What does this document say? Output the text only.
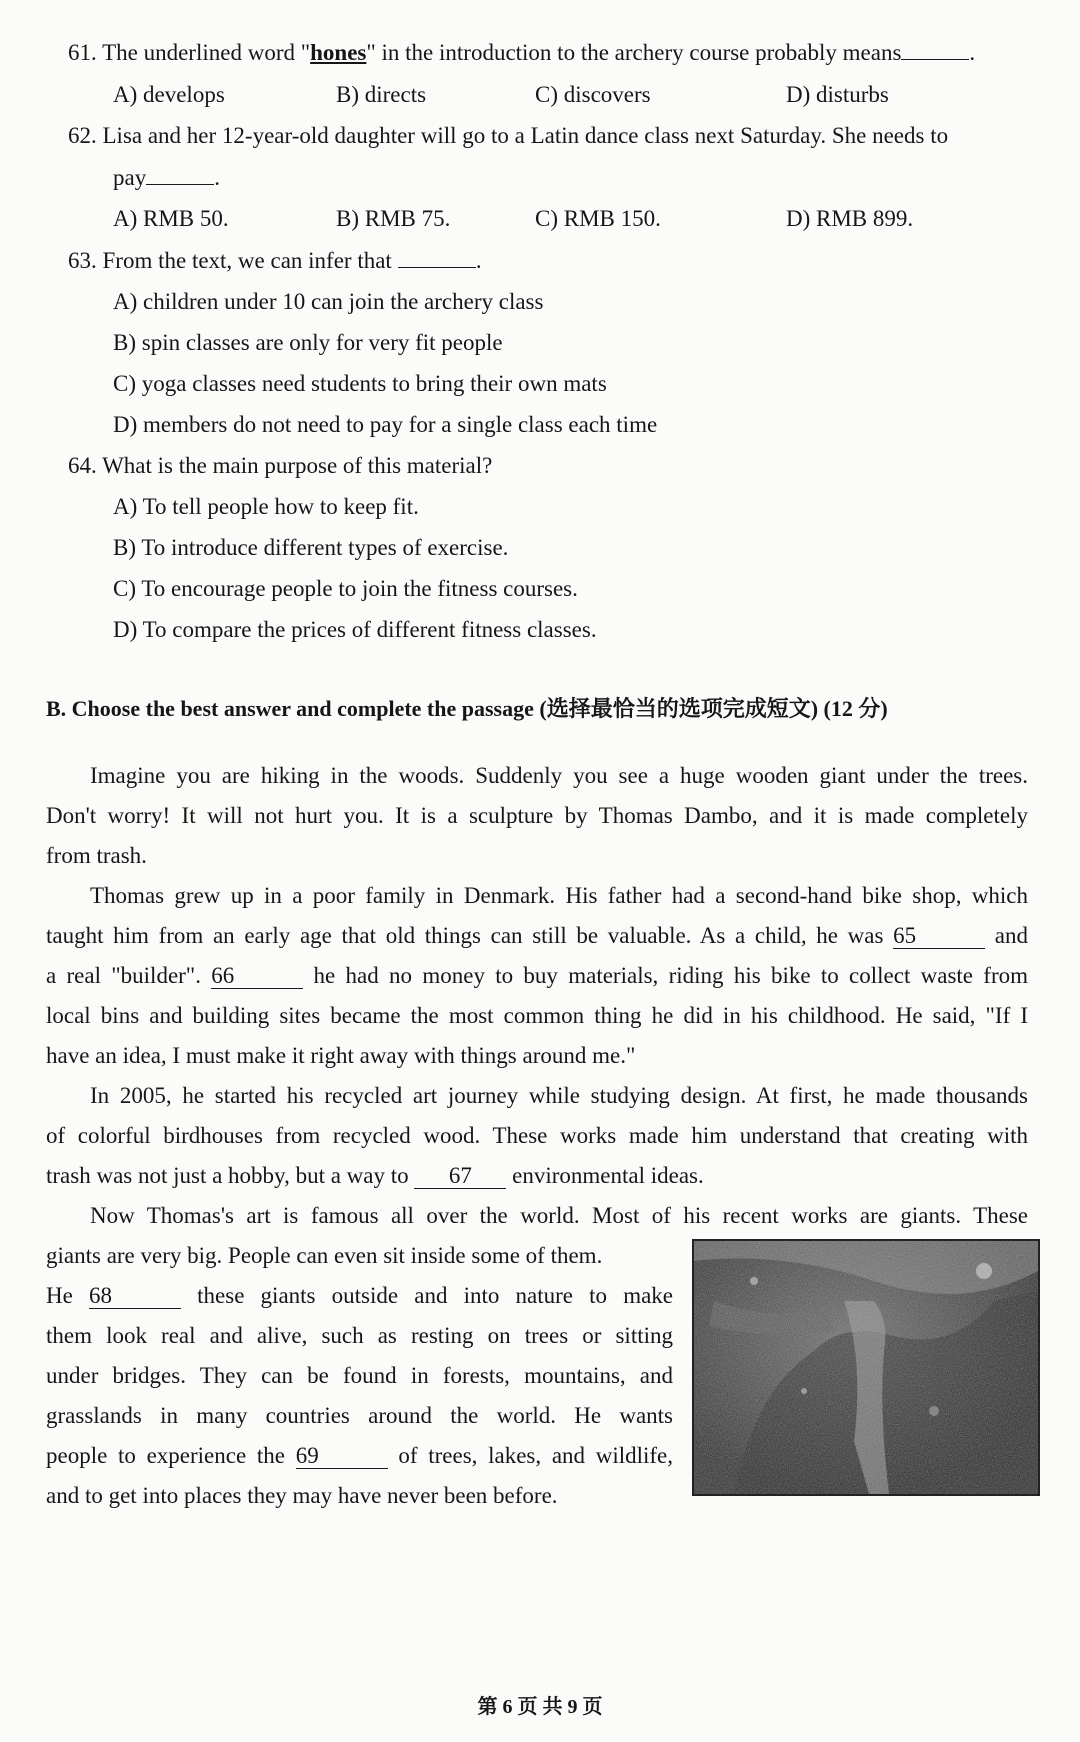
61. The underlined word "hones" in the introduction to the archery course probably means	.
A) develops	B) directs	C) discovers	D) disturbs
62. Lisa and her 12-year-old daughter will go to a Latin dance class next Saturday. She needs to
pay	.
A) RMB 50.	B) RMB 75.	C) RMB 150.	D) RMB 899.
63. From the text, we can infer that	.
A) children under 10 can join the archery class
B) spin classes are only for very fit people
C) yoga classes need students to bring their own mats
D) members do not need to pay for a single class each time
64. What is the main purpose of this material?
A) To tell people how to keep fit.
B) To introduce different types of exercise.
C) To encourage people to join the fitness courses.
D) To compare the prices of different fitness classes.
B. Choose the best answer and complete the passage (选择最恰当的选项完成短文) (12 分)
Imagine you are hiking in the woods. Suddenly you see a huge wooden giant under the trees.
Don't worry! It will not hurt you. It is a sculpture by Thomas Dambo, and it is made completely
from trash.
Thomas grew up in a poor family in Denmark. His father had a second-hand bike shop, which
taught him from an early age that old things can still be valuable. As a child, he was 65	and
a real "builder". 66	he had no money to buy materials, riding his bike to collect waste from
local bins and building sites became the most common thing he did in his childhood. He said, "If I
have an idea, I must make it right away with things around me."
In 2005, he started his recycled art journey while studying design. At first, he made thousands
of colorful birdhouses from recycled wood. These works made him understand that creating with
trash was not just a hobby, but a way to 67 environmental ideas.
Now Thomas's art is famous all over the world. Most of his recent works are giants. These
giants are very big. People can even sit inside some of them.
He 68	these giants outside and into nature to make
them look real and alive, such as resting on trees or sitting
under bridges. They can be found in forests, mountains, and
grasslands in many countries around the world. He wants
people to experience the 69	of trees, lakes, and wildlife,
and to get into places they may have never been before.
第 6 页 共 9 页
